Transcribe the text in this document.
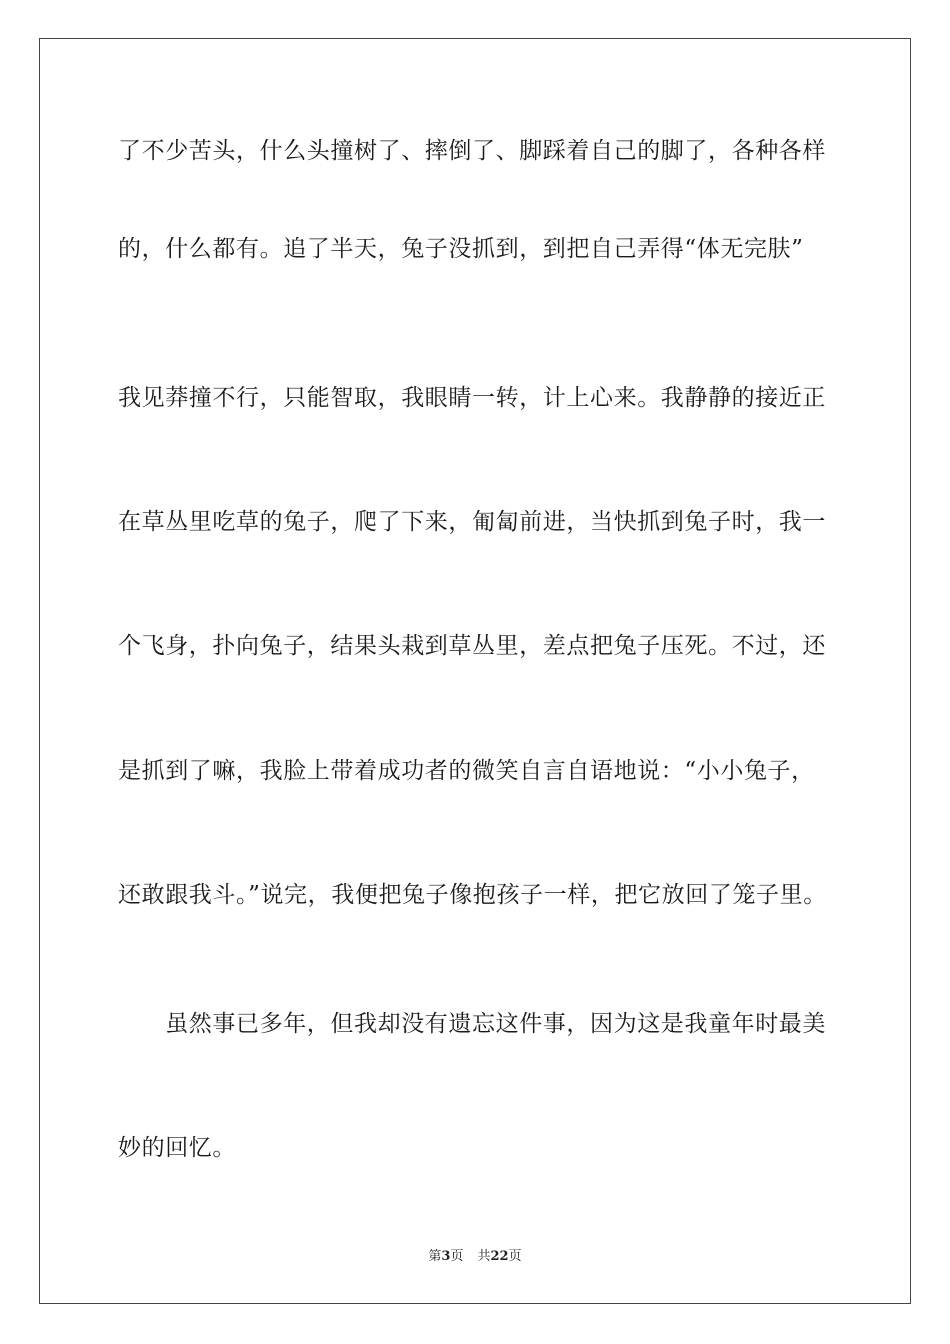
了不少苦头，什么头撞树了、摔倒了、脚踩着自己的脚了，各种各样
的，什么都有。追了半天，兔子没抓到，到把自己弄得“体无完肤”
我见莽撞不行，只能智取，我眼睛一转，计上心来。我静静的接近正
在草丛里吃草的兔子，爬了下来，匍匐前进，当快抓到兔子时，我一
个飞身，扑向兔子，结果头栽到草丛里，差点把兔子压死。不过，还
是抓到了嘛，我脸上带着成功者的微笑自言自语地说：“小小兔子，
还敢跟我斗。”说完，我便把兔子像抱孩子一样，把它放回了笼子里。
　　虽然事已多年，但我却没有遗忘这件事，因为这是我童年时最美
妙的回忆。
第3页 共22页
